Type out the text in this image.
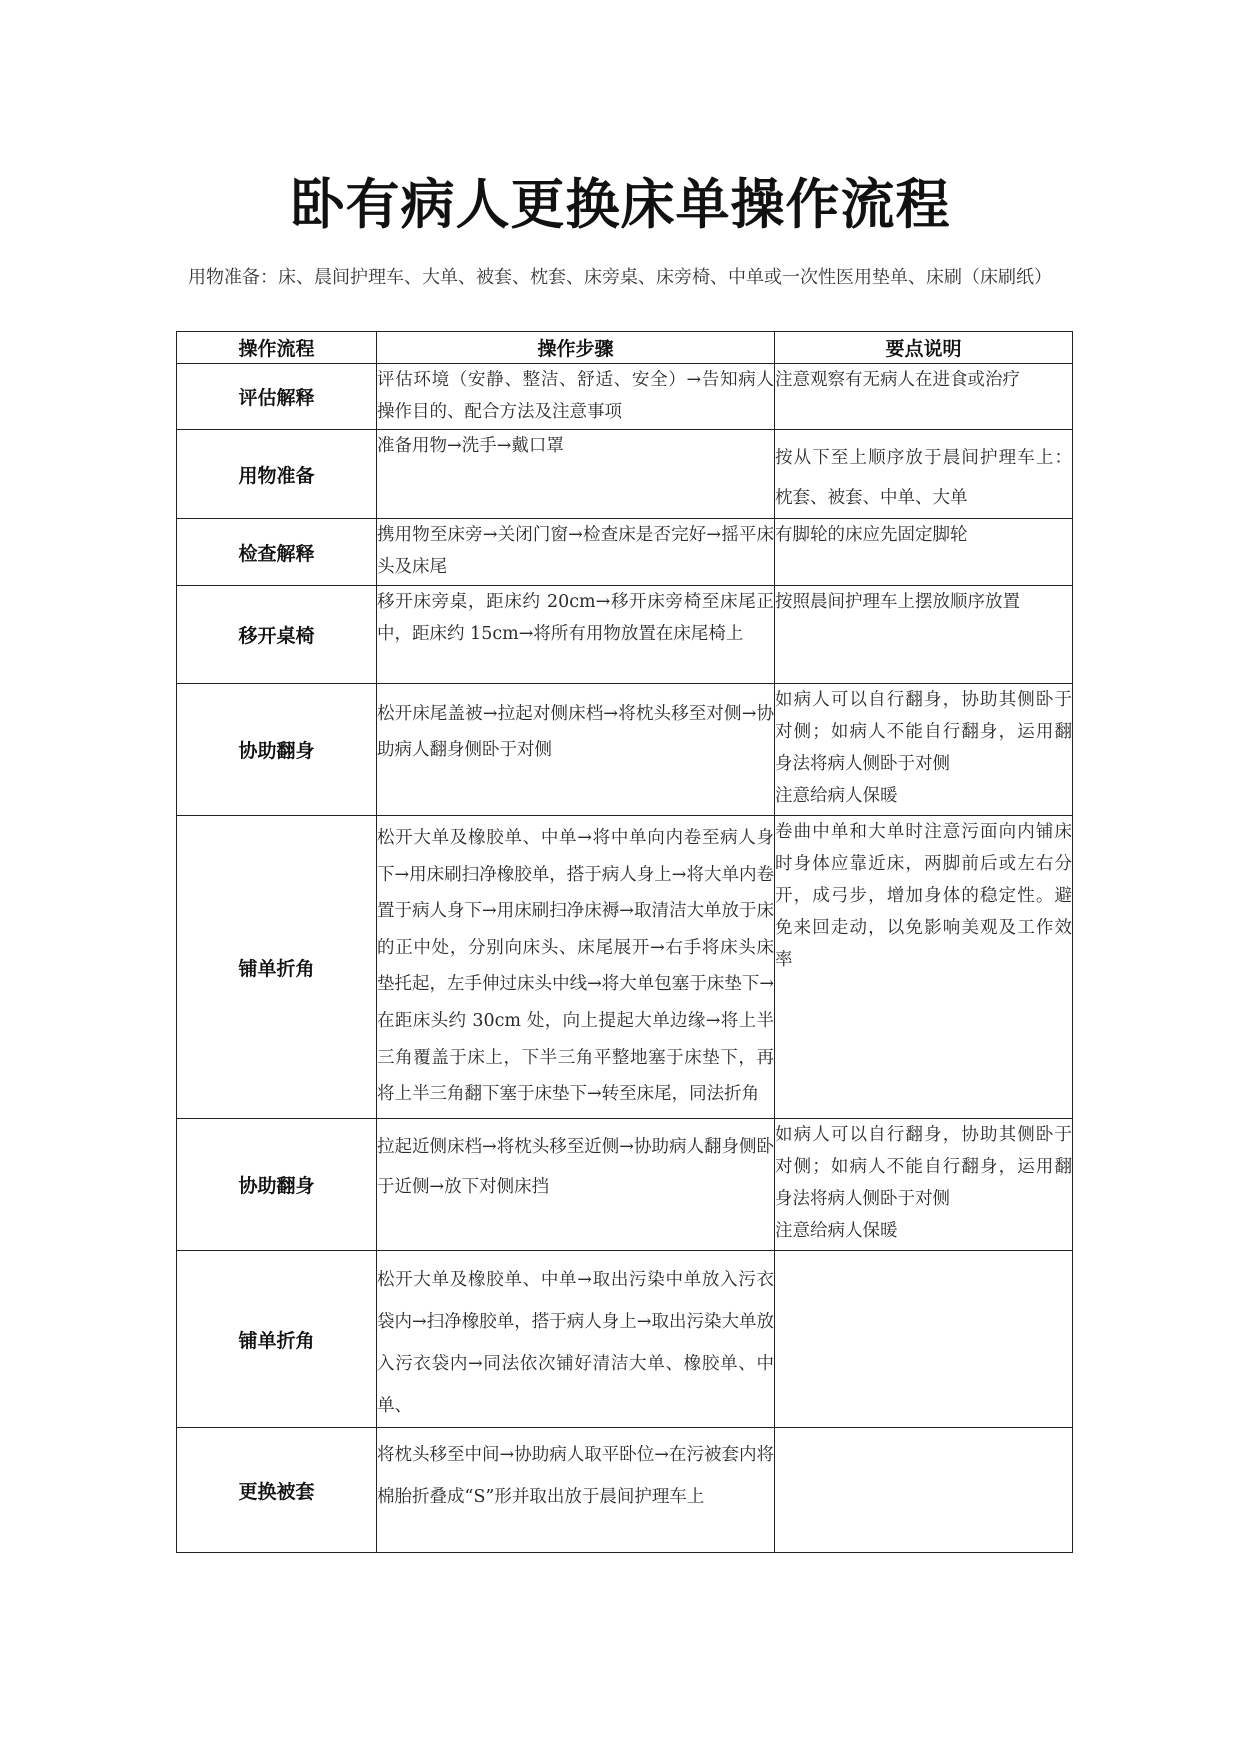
卧有病人更换床单操作流程
用物准备：床、晨间护理车、大单、被套、枕套、床旁桌、床旁椅、中单或一次性医用垫单、床刷（床刷纸）
操作流程	操作步骤	要点说明
评估解释	评估环境（安静、整洁、舒适、安全）→告知病人操作目的、配合方法及注意事项	注意观察有无病人在进食或治疗
用物准备	准备用物→洗手→戴口罩	按从下至上顺序放于晨间护理车上：枕套、被套、中单、大单
检查解释	携用物至床旁→关闭门窗→检查床是否完好→摇平床头及床尾	有脚轮的床应先固定脚轮
移开桌椅	移开床旁桌，距床约 20cm→移开床旁椅至床尾正中，距床约 15cm→将所有用物放置在床尾椅上	按照晨间护理车上摆放顺序放置
协助翻身	松开床尾盖被→拉起对侧床档→将枕头移至对侧→协助病人翻身侧卧于对侧	如病人可以自行翻身，协助其侧卧于对侧；如病人不能自行翻身，运用翻身法将病人侧卧于对侧
注意给病人保暖
铺单折角	松开大单及橡胶单、中单→将中单向内卷至病人身下→用床刷扫净橡胶单，搭于病人身上→将大单内卷置于病人身下→用床刷扫净床褥→取清洁大单放于床的正中处，分别向床头、床尾展开→右手将床头床垫托起，左手伸过床头中线→将大单包塞于床垫下→在距床头约 30cm 处，向上提起大单边缘→将上半三角覆盖于床上，下半三角平整地塞于床垫下，再将上半三角翻下塞于床垫下→转至床尾，同法折角	卷曲中单和大单时注意污面向内铺床时身体应靠近床，两脚前后或左右分开，成弓步，增加身体的稳定性。避免来回走动，以免影响美观及工作效率
协助翻身	拉起近侧床档→将枕头移至近侧→协助病人翻身侧卧于近侧→放下对侧床挡	如病人可以自行翻身，协助其侧卧于对侧；如病人不能自行翻身，运用翻身法将病人侧卧于对侧
注意给病人保暖
铺单折角	松开大单及橡胶单、中单→取出污染中单放入污衣袋内→扫净橡胶单，搭于病人身上→取出污染大单放入污衣袋内→同法依次铺好清洁大单、橡胶单、中单、	
更换被套	将枕头移至中间→协助病人取平卧位→在污被套内将棉胎折叠成“S”形并取出放于晨间护理车上	
